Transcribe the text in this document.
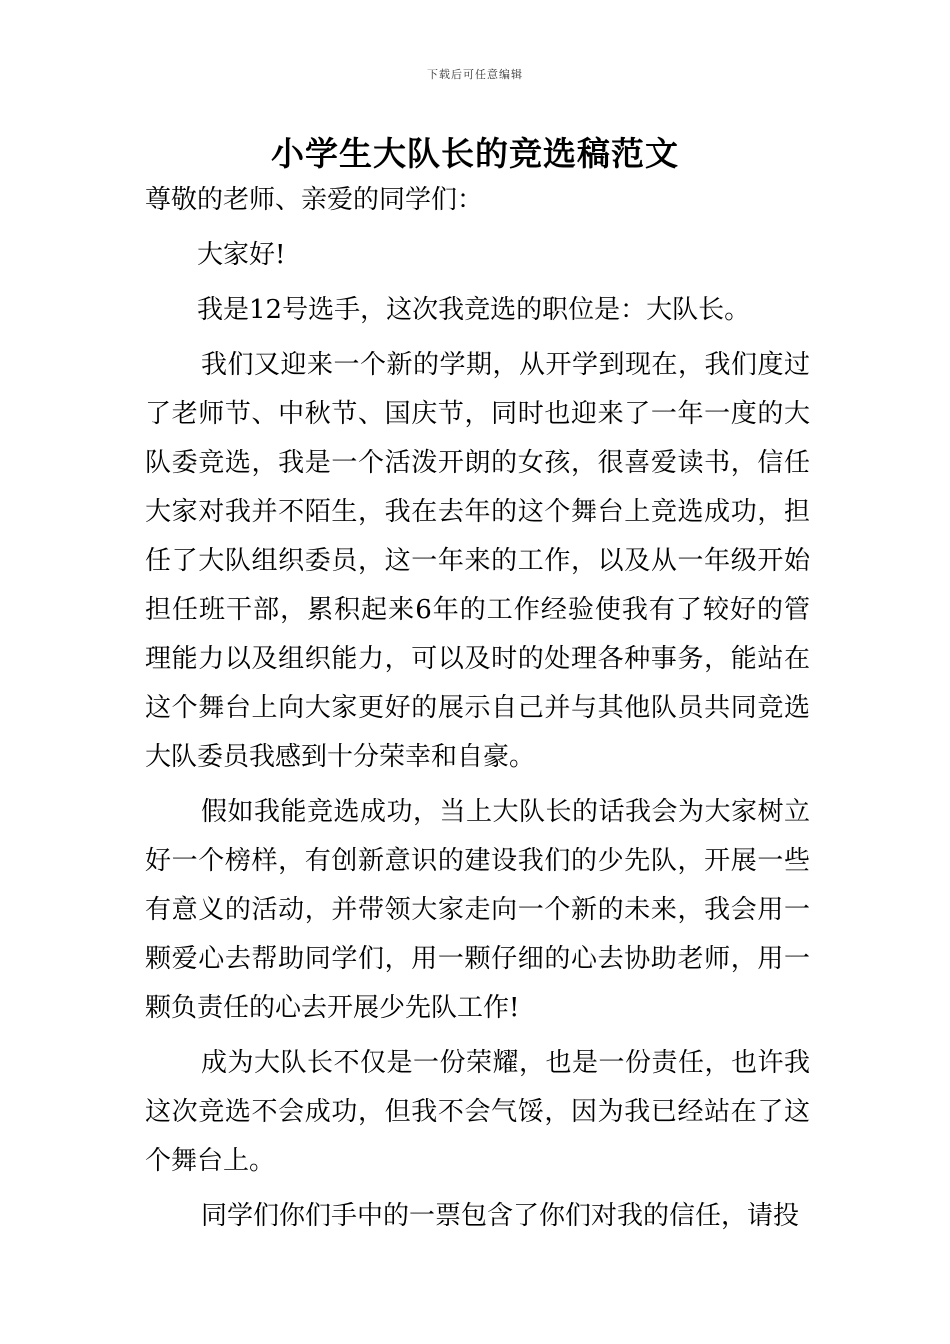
下载后可任意编辑
小学生大队长的竞选稿范文

尊敬的老师、亲爱的同学们：

大家好!

我是12号选手，这次我竞选的职位是：大队长。

我们又迎来一个新的学期，从开学到现在，我们度过了老师节、中秋节、国庆节，同时也迎来了一年一度的大队委竞选，我是一个活泼开朗的女孩，很喜爱读书，信任大家对我并不陌生，我在去年的这个舞台上竞选成功，担任了大队组织委员，这一年来的工作，以及从一年级开始担任班干部，累积起来6年的工作经验使我有了较好的管理能力以及组织能力，可以及时的处理各种事务，能站在这个舞台上向大家更好的展示自己并与其他队员共同竞选大队委员我感到十分荣幸和自豪。

假如我能竞选成功，当上大队长的话我会为大家树立好一个榜样，有创新意识的建设我们的少先队，开展一些有意义的活动，并带领大家走向一个新的未来，我会用一颗爱心去帮助同学们，用一颗仔细的心去协助老师，用一颗负责任的心去开展少先队工作!

成为大队长不仅是一份荣耀，也是一份责任，也许我这次竞选不会成功，但我不会气馁，因为我已经站在了这个舞台上。

同学们你们手中的一票包含了你们对我的信任，请投
